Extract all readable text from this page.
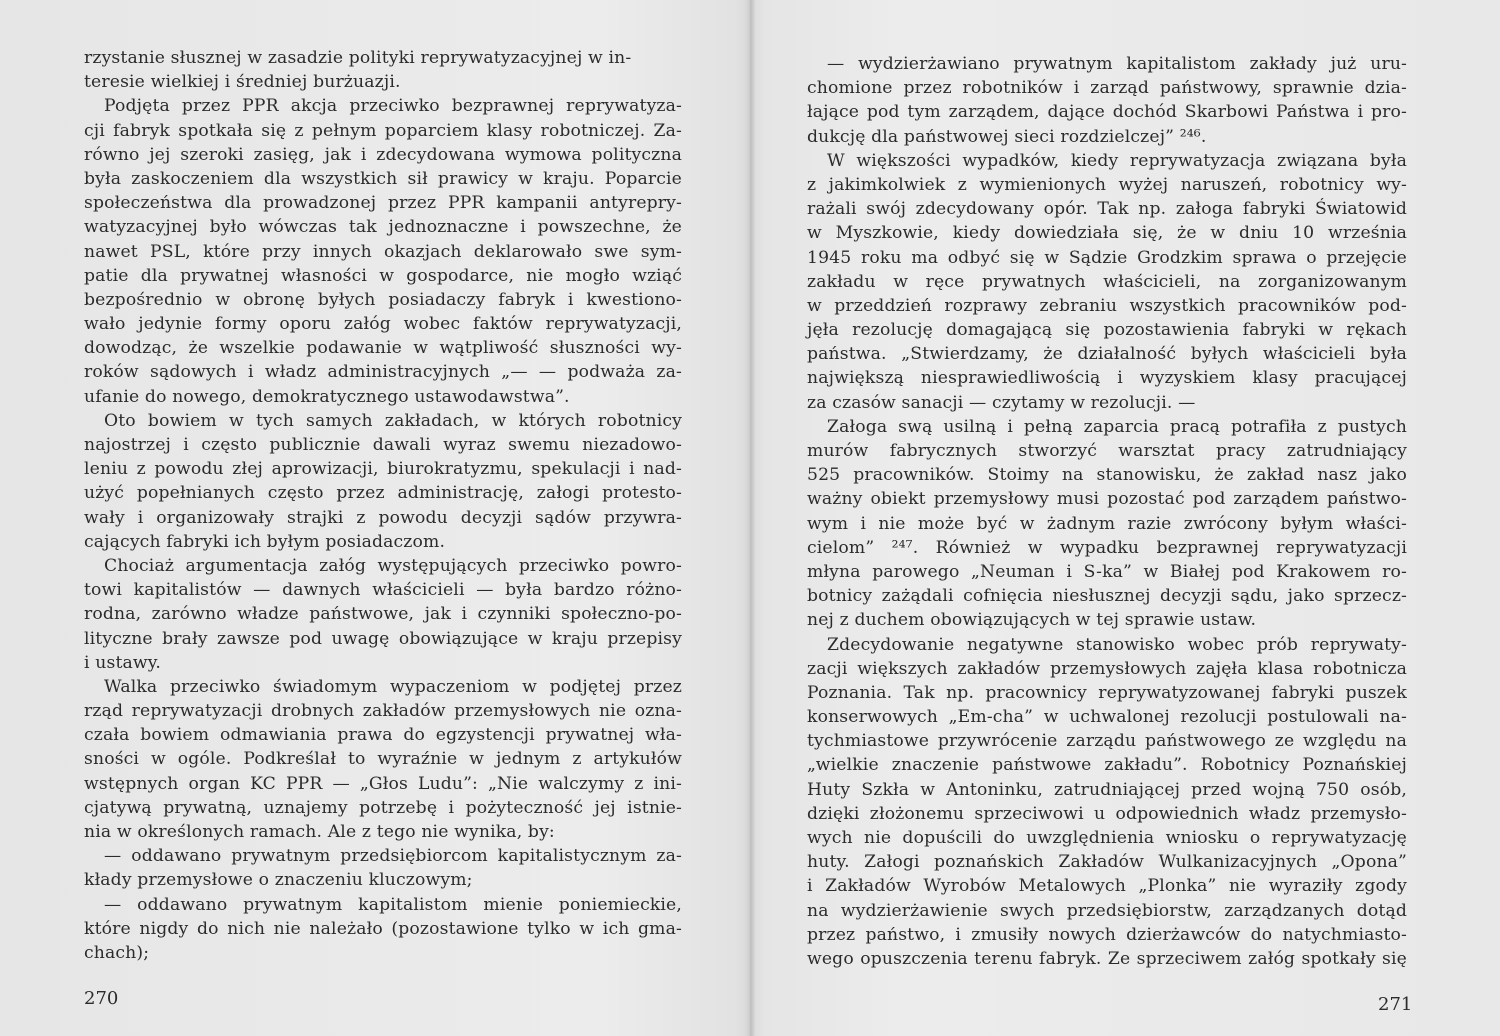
rzystanie słusznej w zasadzie polityki reprywatyzacyjnej w in-
teresie wielkiej i średniej burżuazji.
Podjęta przez PPR akcja przeciwko bezprawnej reprywatyza-
cji fabryk spotkała się z pełnym poparciem klasy robotniczej. Za-
równo jej szeroki zasięg, jak i zdecydowana wymowa polityczna
była zaskoczeniem dla wszystkich sił prawicy w kraju. Poparcie
społeczeństwa dla prowadzonej przez PPR kampanii antyrepry-
watyzacyjnej było wówczas tak jednoznaczne i powszechne, że
nawet PSL, które przy innych okazjach deklarowało swe sym-
patie dla prywatnej własności w gospodarce, nie mogło wziąć
bezpośrednio w obronę byłych posiadaczy fabryk i kwestiono-
wało jedynie formy oporu załóg wobec faktów reprywatyzacji,
dowodząc, że wszelkie podawanie w wątpliwość słuszności wy-
roków sądowych i władz administracyjnych „— — podważa za-
ufanie do nowego, demokratycznego ustawodawstwa”.
Oto bowiem w tych samych zakładach, w których robotnicy
najostrzej i często publicznie dawali wyraz swemu niezadowo-
leniu z powodu złej aprowizacji, biurokratyzmu, spekulacji i nad-
użyć popełnianych często przez administrację, załogi protesto-
wały i organizowały strajki z powodu decyzji sądów przywra-
cających fabryki ich byłym posiadaczom.
Chociaż argumentacja załóg występujących przeciwko powro-
towi kapitalistów — dawnych właścicieli — była bardzo różno-
rodna, zarówno władze państwowe, jak i czynniki społeczno-po-
lityczne brały zawsze pod uwagę obowiązujące w kraju przepisy
i ustawy.
Walka przeciwko świadomym wypaczeniom w podjętej przez
rząd reprywatyzacji drobnych zakładów przemysłowych nie ozna-
czała bowiem odmawiania prawa do egzystencji prywatnej wła-
sności w ogóle. Podkreślał to wyraźnie w jednym z artykułów
wstępnych organ KC PPR — „Głos Ludu”: „Nie walczymy z ini-
cjatywą prywatną, uznajemy potrzebę i pożyteczność jej istnie-
nia w określonych ramach. Ale z tego nie wynika, by:
— oddawano prywatnym przedsiębiorcom kapitalistycznym za-
kłady przemysłowe o znaczeniu kluczowym;
— oddawano prywatnym kapitalistom mienie poniemieckie,
które nigdy do nich nie należało (pozostawione tylko w ich gma-
chach);
270
— wydzierżawiano prywatnym kapitalistom zakłady już uru-
chomione przez robotników i zarząd państwowy, sprawnie dzia-
łające pod tym zarządem, dające dochód Skarbowi Państwa i pro-
dukcję dla państwowej sieci rozdzielczej” ²⁴⁶.
W większości wypadków, kiedy reprywatyzacja związana była
z jakimkolwiek z wymienionych wyżej naruszeń, robotnicy wy-
rażali swój zdecydowany opór. Tak np. załoga fabryki Światowid
w Myszkowie, kiedy dowiedziała się, że w dniu 10 września
1945 roku ma odbyć się w Sądzie Grodzkim sprawa o przejęcie
zakładu w ręce prywatnych właścicieli, na zorganizowanym
w przeddzień rozprawy zebraniu wszystkich pracowników pod-
jęła rezolucję domagającą się pozostawienia fabryki w rękach
państwa. „Stwierdzamy, że działalność byłych właścicieli była
największą niesprawiedliwością i wyzyskiem klasy pracującej
za czasów sanacji — czytamy w rezolucji. —
Załoga swą usilną i pełną zaparcia pracą potrafiła z pustych
murów fabrycznych stworzyć warsztat pracy zatrudniający
525 pracowników. Stoimy na stanowisku, że zakład nasz jako
ważny obiekt przemysłowy musi pozostać pod zarządem państwo-
wym i nie może być w żadnym razie zwrócony byłym właści-
cielom” ²⁴⁷. Również w wypadku bezprawnej reprywatyzacji
młyna parowego „Neuman i S-ka” w Białej pod Krakowem ro-
botnicy zażądali cofnięcia niesłusznej decyzji sądu, jako sprzecz-
nej z duchem obowiązujących w tej sprawie ustaw.
Zdecydowanie negatywne stanowisko wobec prób reprywaty-
zacji większych zakładów przemysłowych zajęła klasa robotnicza
Poznania. Tak np. pracownicy reprywatyzowanej fabryki puszek
konserwowych „Em-cha” w uchwalonej rezolucji postulowali na-
tychmiastowe przywrócenie zarządu państwowego ze względu na
„wielkie znaczenie państwowe zakładu”. Robotnicy Poznańskiej
Huty Szkła w Antoninku, zatrudniającej przed wojną 750 osób,
dzięki złożonemu sprzeciwowi u odpowiednich władz przemysło-
wych nie dopuścili do uwzględnienia wniosku o reprywatyzację
huty. Załogi poznańskich Zakładów Wulkanizacyjnych „Opona”
i Zakładów Wyrobów Metalowych „Plonka” nie wyraziły zgody
na wydzierżawienie swych przedsiębiorstw, zarządzanych dotąd
przez państwo, i zmusiły nowych dzierżawców do natychmiasto-
wego opuszczenia terenu fabryk. Ze sprzeciwem załóg spotkały się
271
